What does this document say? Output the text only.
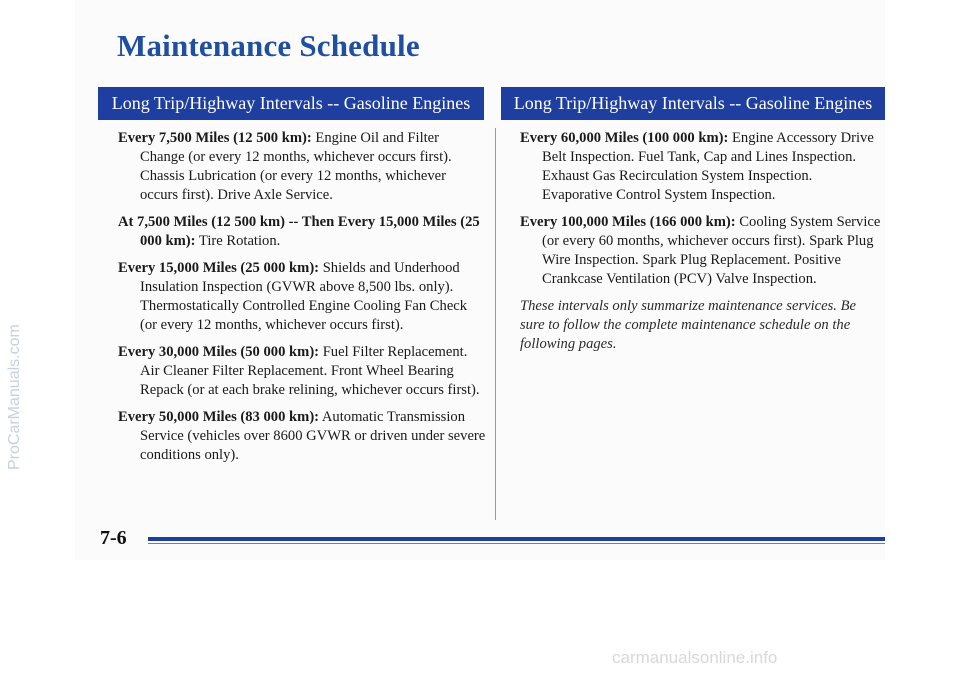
Maintenance Schedule
Long Trip/Highway Intervals -- Gasoline Engines	Long Trip/Highway Intervals -- Gasoline Engines

Every 7,500 Miles (12 500 km): Engine Oil and Filter Change (or every 12 months, whichever occurs first). Chassis Lubrication (or every 12 months, whichever occurs first). Drive Axle Service.

At 7,500 Miles (12 500 km) -- Then Every 15,000 Miles (25 000 km): Tire Rotation.

Every 15,000 Miles (25 000 km): Shields and Underhood Insulation Inspection (GVWR above 8,500 lbs. only). Thermostatically Controlled Engine Cooling Fan Check (or every 12 months, whichever occurs first).

Every 30,000 Miles (50 000 km): Fuel Filter Replacement. Air Cleaner Filter Replacement. Front Wheel Bearing Repack (or at each brake relining, whichever occurs first).

Every 50,000 Miles (83 000 km): Automatic Transmission Service (vehicles over 8600 GVWR or driven under severe conditions only).

Every 60,000 Miles (100 000 km): Engine Accessory Drive Belt Inspection. Fuel Tank, Cap and Lines Inspection. Exhaust Gas Recirculation System Inspection. Evaporative Control System Inspection.

Every 100,000 Miles (166 000 km): Cooling System Service (or every 60 months, whichever occurs first). Spark Plug Wire Inspection. Spark Plug Replacement. Positive Crankcase Ventilation (PCV) Valve Inspection.

These intervals only summarize maintenance services. Be sure to follow the complete maintenance schedule on the following pages.

7-6
ProCarManuals.com
carmanualsonline.info
